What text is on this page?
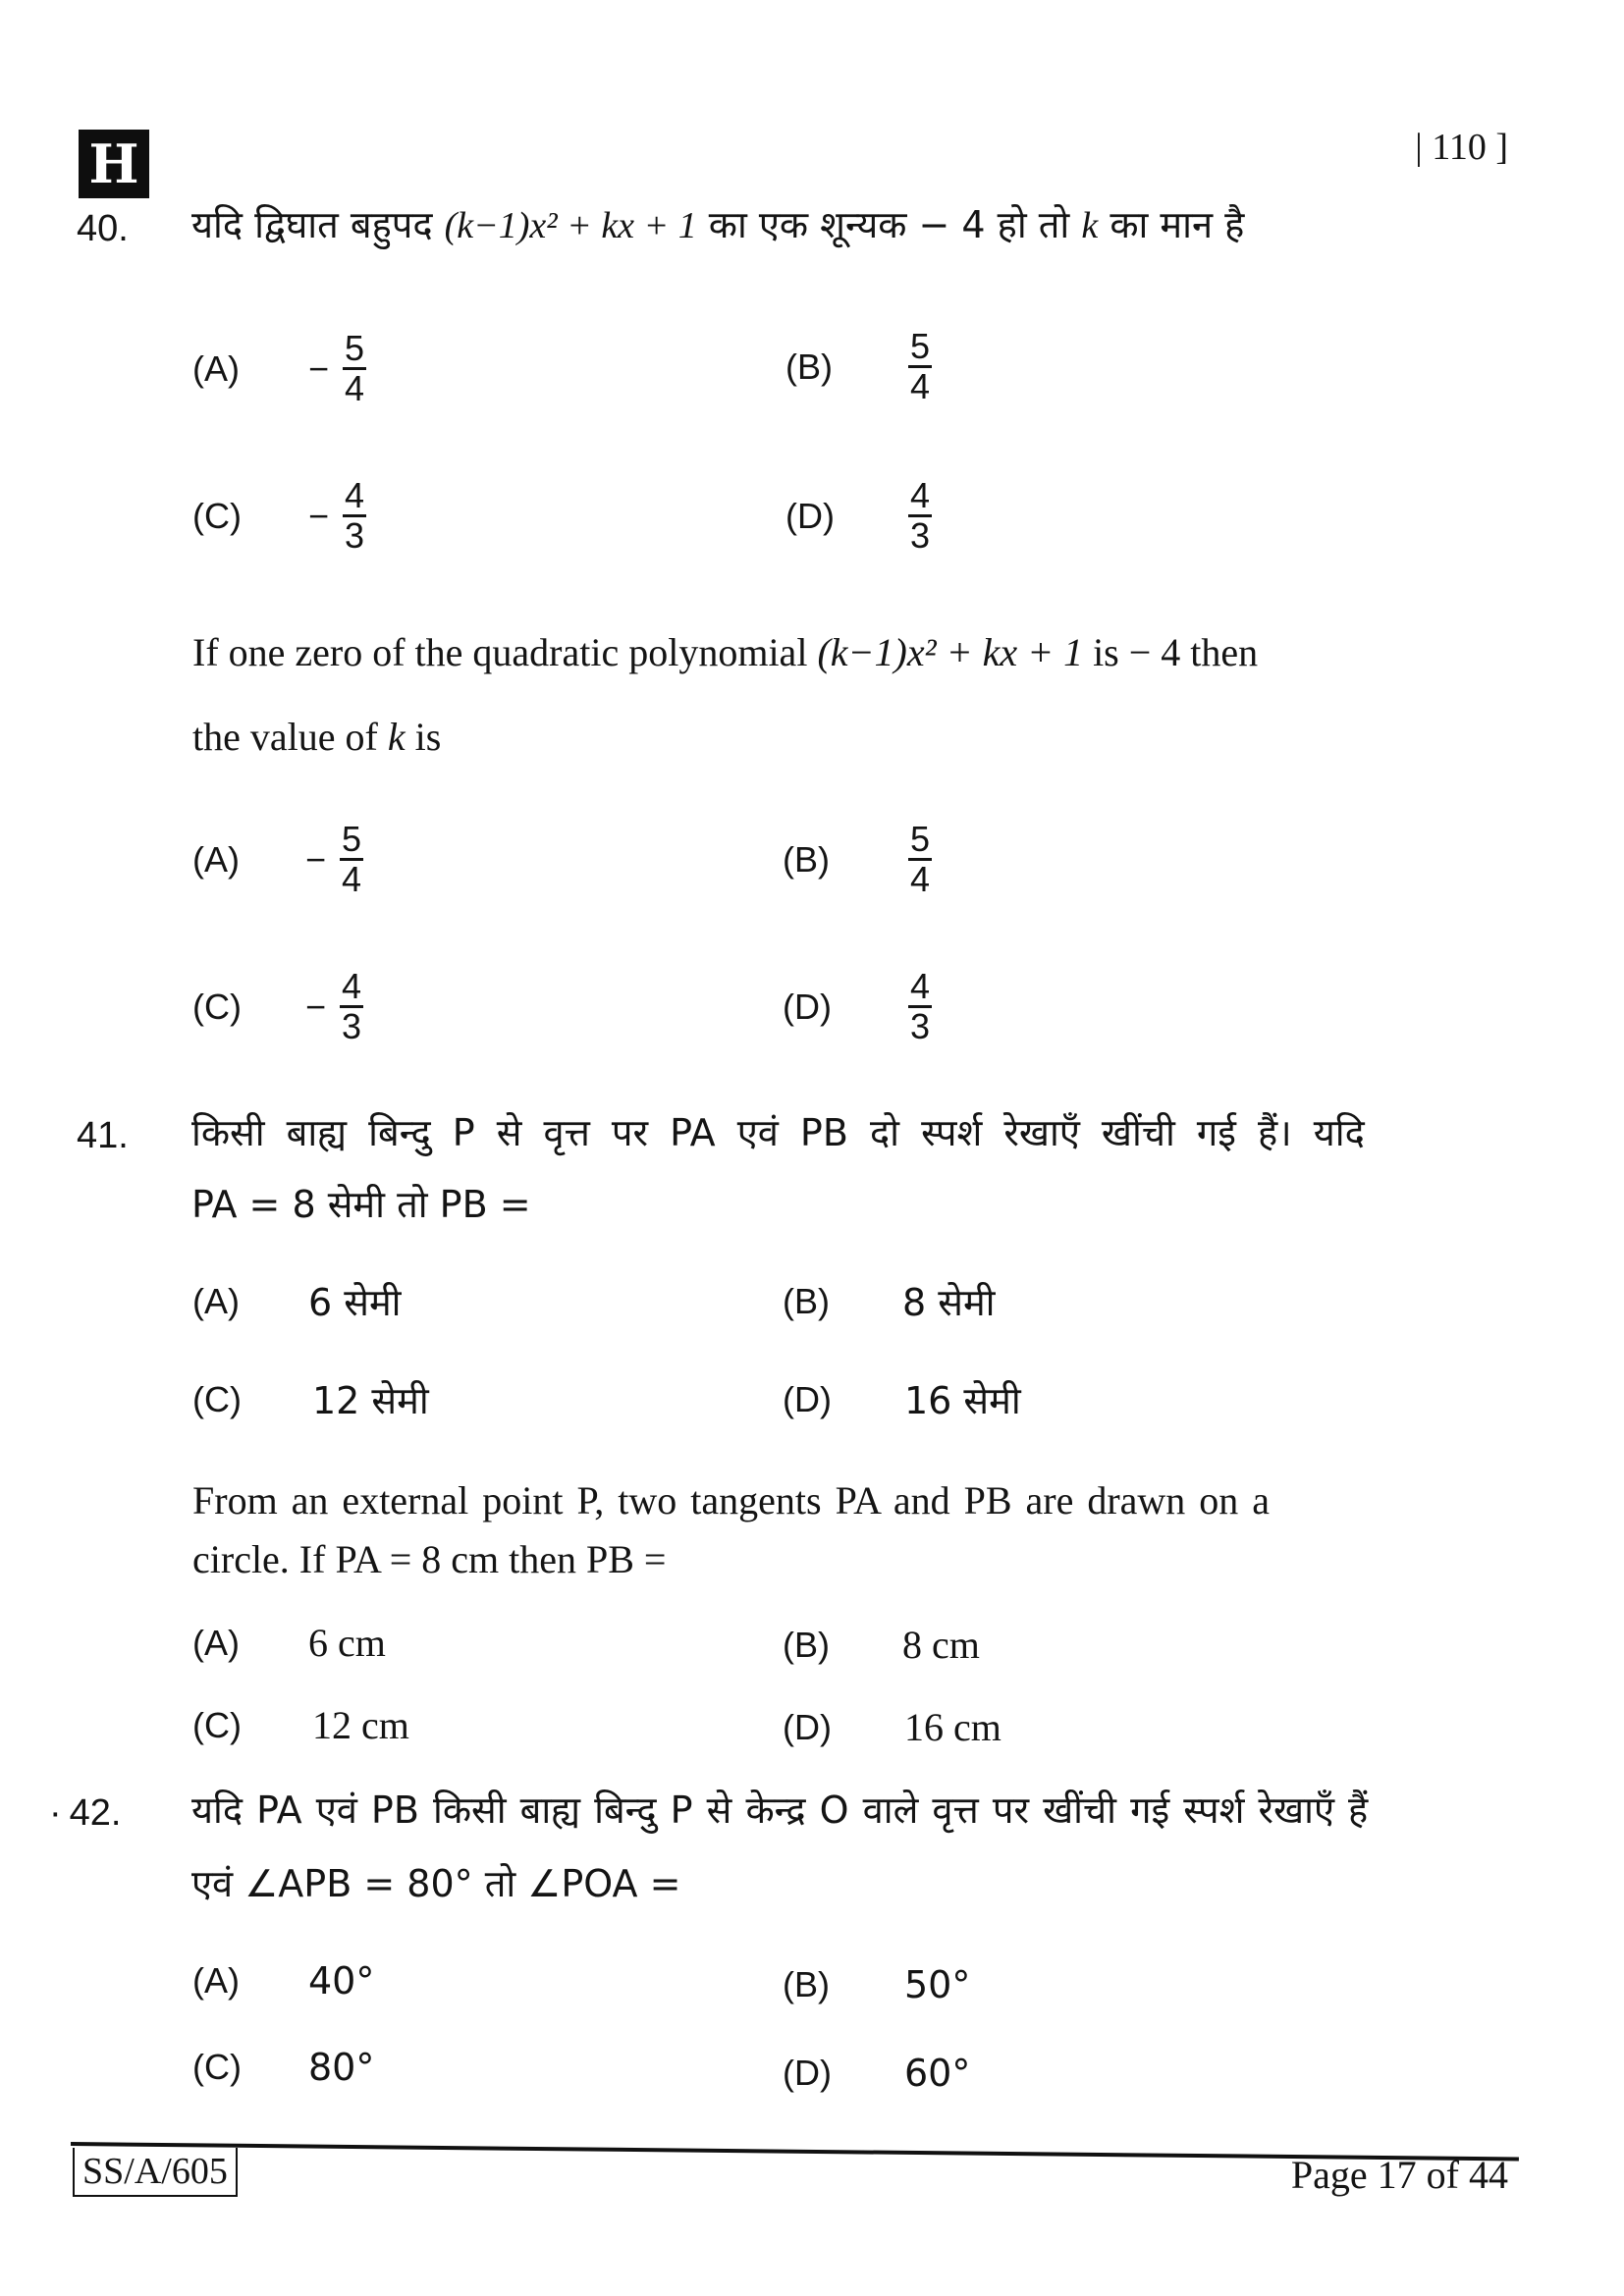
H	| 110 ]
40. यदि द्विघात बहुपद (k−1)x² + kx + 1 का एक शून्यक − 4 हो तो k का मान है
(A)	− $\frac{5}{4}$	(B)	$\frac{5}{4}$
(C)	− $\frac{4}{3}$	(D)	$\frac{4}{3}$
If one zero of the quadratic polynomial (k−1)x² + kx + 1 is − 4 then
the value of k is
(A)	− $\frac{5}{4}$	(B)	$\frac{5}{4}$
(C)	− $\frac{4}{3}$	(D)	$\frac{4}{3}$
41. किसी बाह्य बिन्दु P से वृत्त पर PA एवं PB दो स्पर्श रेखाएँ खींची गई हैं। यदि
PA = 8 सेमी तो PB =
(A)	6 सेमी	(B)	8 सेमी
(C)	12 सेमी	(D)	16 सेमी
From an external point P, two tangents PA and PB are drawn on a
circle. If PA = 8 cm then PB =
(A)	6 cm	(B)	8 cm
(C)	12 cm	(D)	16 cm
· 42. यदि PA एवं PB किसी बाह्य बिन्दु P से केन्द्र O वाले वृत्त पर खींची गई स्पर्श रेखाएँ हैं
एवं ∠APB = 80° तो ∠POA =
(A)	40°	(B)	50°
(C)	80°	(D)	60°
SS/A/605	Page 17 of 44
